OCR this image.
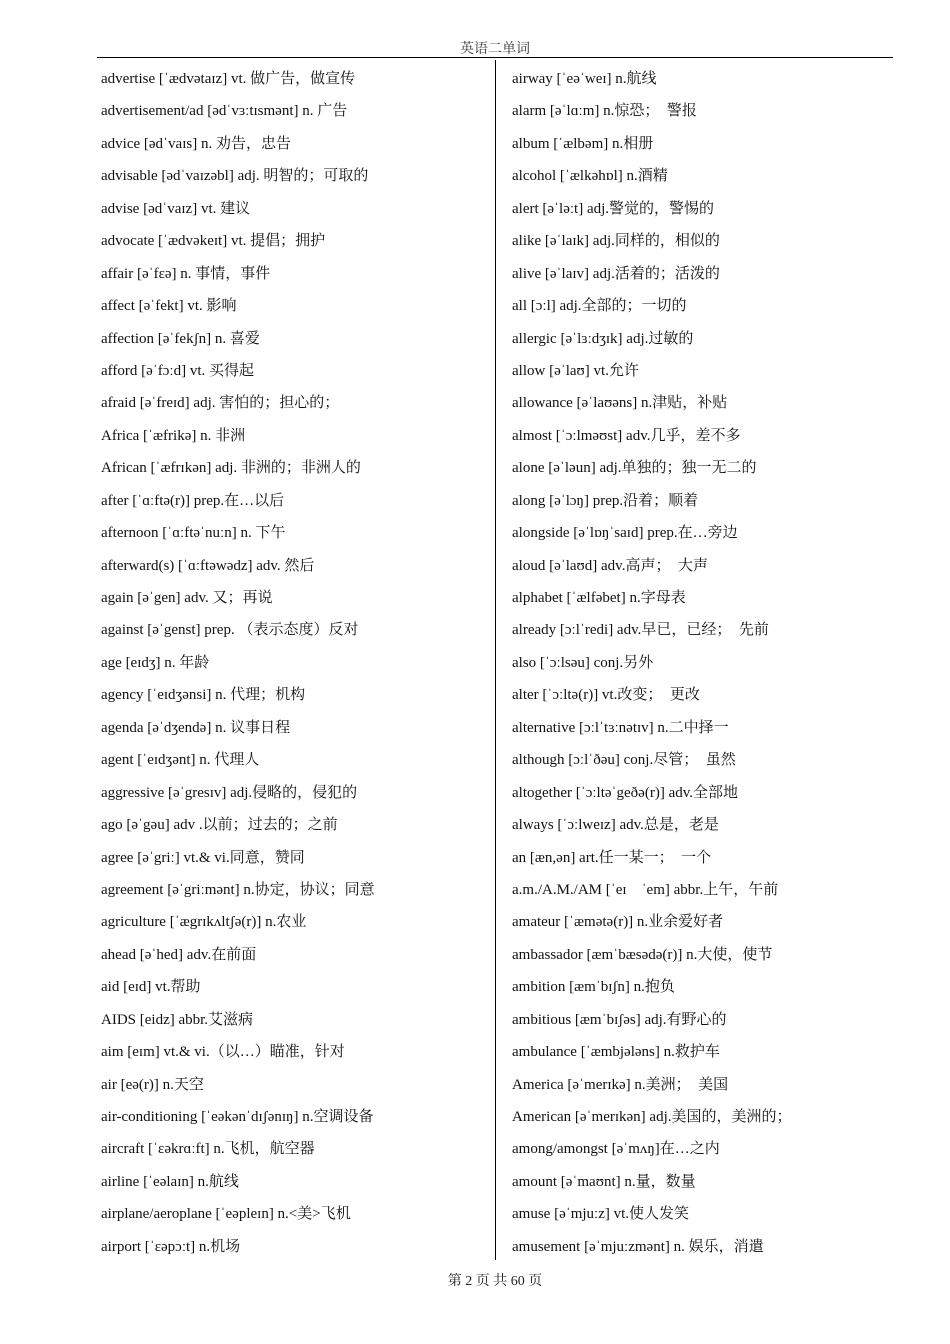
英语二单词
advertise [ˈædvətaɪz] vt. 做广告，做宣传
advertisement/ad [ədˈvɜːtɪsmənt] n. 广告
advice [ədˈvaɪs] n. 劝告，忠告
advisable [ədˈvaɪzəbl] adj. 明智的；可取的
advise [ədˈvaɪz] vt. 建议
advocate [ˈædvəkeɪt] vt. 提倡；拥护
affair [əˈfɛə] n. 事情，事件
affect [əˈfekt] vt. 影响
affection [əˈfekʃn] n. 喜爱
afford [əˈfɔːd] vt. 买得起
afraid [əˈfreɪd] adj. 害怕的；担心的；
Africa [ˈæfrikə] n. 非洲
African [ˈæfrɪkən] adj. 非洲的；非洲人的
after [ˈɑːftə(r)] prep.在…以后
afternoon [ˈɑːftəˈnuːn] n. 下午
afterward(s) [ˈɑːftəwədz] adv. 然后
again [əˈgen] adv. 又；再说
against [əˈgenst] prep. （表示态度）反对
age [eɪdʒ] n. 年龄
agency [ˈeɪdʒənsi] n. 代理；机构
agenda [əˈdʒendə] n. 议事日程
agent [ˈeɪdʒənt] n. 代理人
aggressive [əˈgresɪv] adj.侵略的，侵犯的
ago [əˈgəu] adv .以前；过去的；之前
agree [əˈgriː] vt.& vi.同意，赞同
agreement [əˈgriːmənt] n.协定，协议；同意
agriculture [ˈægrɪkʌltʃə(r)] n.农业
ahead [əˈhed] adv.在前面
aid [eɪd] vt.帮助
AIDS [eidz] abbr.艾滋病
aim [eɪm] vt.& vi.（以…）瞄准，针对
air [eə(r)] n.天空
air-conditioning [ˈeəkənˈdɪʃənɪŋ] n.空调设备
aircraft [ˈɛəkrɑːft] n.飞机，航空器
airline [ˈeəlaɪn] n.航线
airplane/aeroplane [ˈeəpleɪn] n.<美>飞机
airport [ˈɛəpɔːt] n.机场
airway [ˈeəˈweɪ] n.航线
alarm [əˈlɑːm] n.惊恐；　警报
album [ˈælbəm] n.相册
alcohol [ˈælkəhɒl] n.酒精
alert [əˈləːt] adj.警觉的，警惕的
alike [əˈlaɪk] adj.同样的，相似的
alive [əˈlaɪv] adj.活着的；活泼的
all [ɔːl] adj.全部的；一切的
allergic [əˈlɜːdʒɪk] adj.过敏的
allow [əˈlaʊ] vt.允许
allowance [əˈlaʊəns] n.津贴，补贴
almost [ˈɔːlməʊst] adv.几乎，差不多
alone [əˈləun] adj.单独的；独一无二的
along [əˈlɔŋ] prep.沿着；顺着
alongside [əˈlɒŋˈsaɪd] prep.在…旁边
aloud [əˈlaʊd] adv.高声；　大声
alphabet [ˈælfəbet] n.字母表
already [ɔːlˈredi] adv.早已，已经；　先前
also [ˈɔːlsəu] conj.另外
alter [ˈɔːltə(r)] vt.改变；　更改
alternative [ɔːlˈtɜːnətɪv] n.二中择一
although [ɔːlˈðəu] conj.尽管；　虽然
altogether [ˈɔːltəˈgeðə(r)] adv.全部地
always [ˈɔːlweɪz] adv.总是，老是
an [æn,ən] art.任一某一；　一个
a.m./A.M./AM [ˈeɪ　ˈem] abbr.上午，午前
amateur [ˈæmətə(r)] n.业余爱好者
ambassador [æmˈbæsədə(r)] n.大使，使节
ambition [æmˈbɪʃn] n.抱负
ambitious [æmˈbɪʃəs] adj.有野心的
ambulance [ˈæmbjələns] n.救护车
America [əˈmerɪkə] n.美洲；　美国
American [əˈmerɪkən] adj.美国的，美洲的；
among/amongst [əˈmʌŋ]在…之内
amount [əˈmaʊnt] n.量，数量
amuse [əˈmjuːz] vt.使人发笑
amusement [əˈmjuːzmənt] n. 娱乐，消遣
第 2 页 共 60 页
